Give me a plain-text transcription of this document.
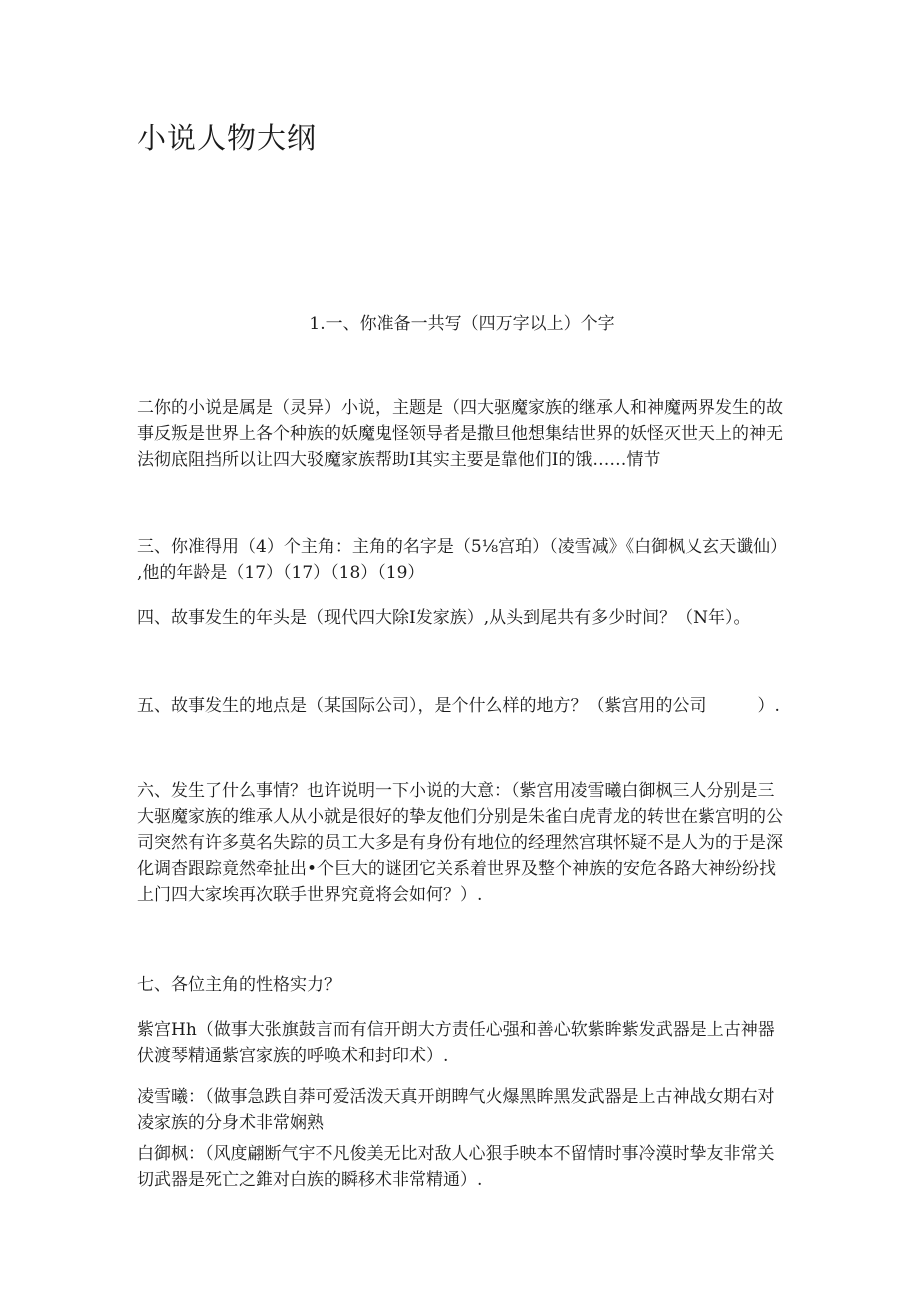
小说人物大纲

1.一、你准备一共写（四万字以上）个字

二你的小说是属是（灵异）小说，主题是（四大驱魔家族的继承人和神魔两界发生的故
事反叛是世界上各个种族的妖魔鬼怪领导者是撒旦他想集结世界的妖怪灭世天上的神无
法彻底阻挡所以让四大驳魔家族帮助I其实主要是靠他们I的饿……情节

三、你准得用（4）个主角：主角的名字是（5⅛宫珀）（凌雪减》《白御枫乂玄天谶仙）
,他的年龄是（17）（17）（18）（19）

四、故事发生的年头是（现代四大除I发家族）,从头到尾共有多少时间？（N年）。

五、故事发生的地点是（某国际公司），是个什么样的地方？（紫宫用的公司　　　）.

六、发生了什么事情？也许说明一下小说的大意：（紫宫用凌雪曦白御枫三人分别是三
大驱魔家族的维承人从小就是很好的挚友他们分别是朱雀白虎青龙的转世在紫宫明的公
司突然有许多莫名失踪的员工大多是有身份有地位的经理然宫琪怀疑不是人为的于是深
化调杳跟踪竟然牵扯出•个巨大的谜团它关系着世界及整个神族的安危各路大神纷纷找
上门四大家埃再次联手世界究竟将会如何？）.

七、各位主角的性格实力？

紫宫Hh（做事大张旗鼓言而有信开朗大方责任心强和善心软紫眸紫发武器是上古神器
伏渡琴精通紫宫家族的呼唤术和封印术）.

凌雪曦：（做事急跌自莽可爱活泼天真开朗睥气火爆黑眸黑发武器是上古神战女期右对
凌家族的分身术非常娴熟

白御枫：（风度翩断气宇不凡俊美无比对敌人心狠手映本不留情时事冷漠时挚友非常关
切武器是死亡之錐对白族的瞬移术非常精通）.
